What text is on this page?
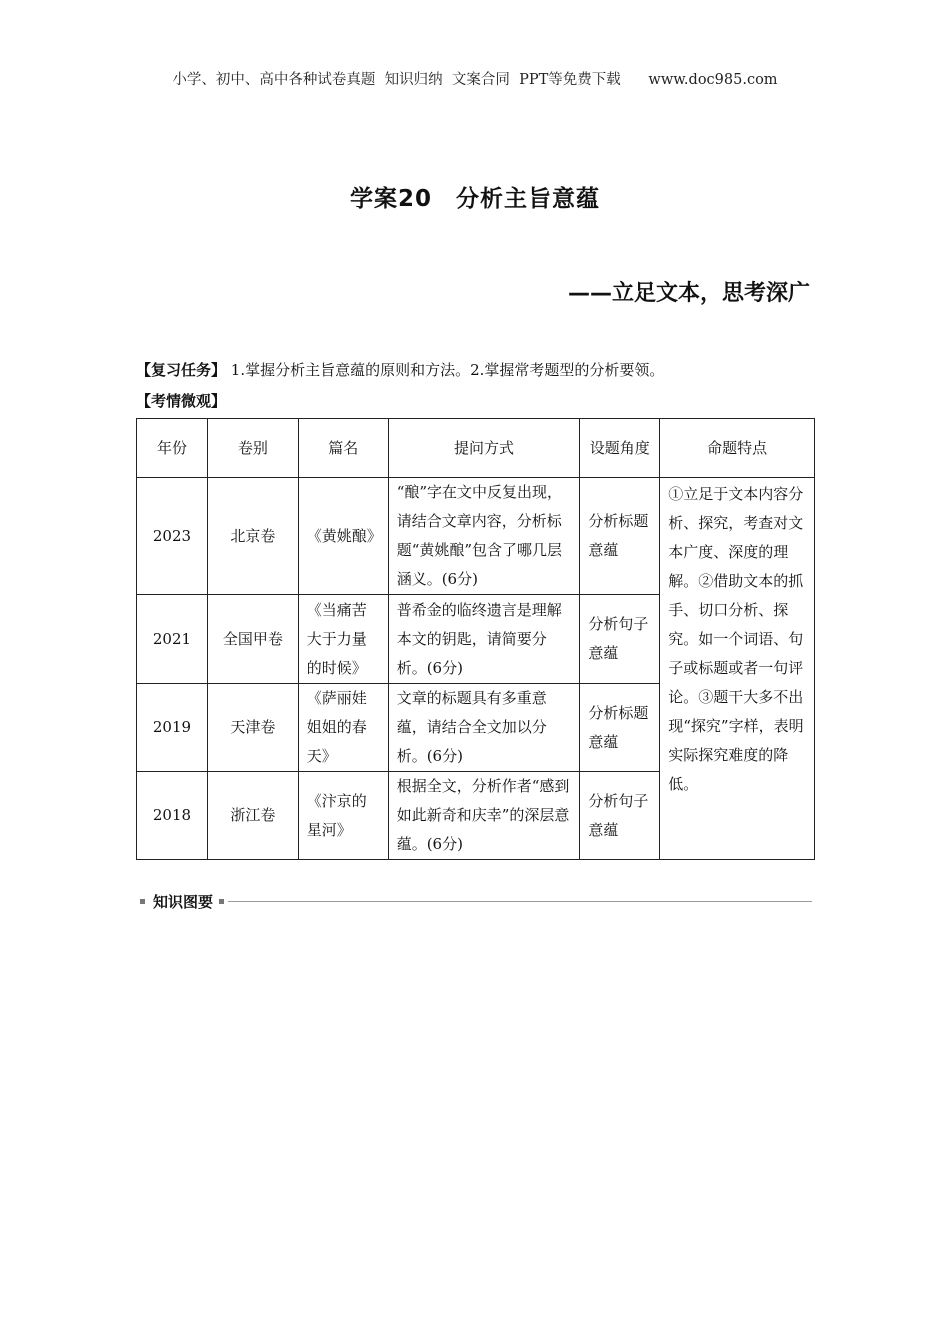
小学、初中、高中各种试卷真题  知识归纳  文案合同  PPT等免费下载      www.doc985.com
学案20　分析主旨意蕴
——立足文本，思考深广
【复习任务】 1.掌握分析主旨意蕴的原则和方法。2.掌握常考题型的分析要领。
【考情微观】
年份	卷别	篇名	提问方式	设题角度	命题特点
2023	北京卷	《黄姚酿》	“酿”字在文中反复出现，请结合文章内容，分析标题“黄姚酿”包含了哪几层涵义。(6分)	分析标题意蕴	①立足于文本内容分析、探究，考查对文本广度、深度的理解。②借助文本的抓手、切口分析、探究。如一个词语、句子或标题或者一句评论。③题干大多不出现“探究”字样，表明实际探究难度的降低。
2021	全国甲卷	《当痛苦大于力量的时候》	普希金的临终遗言是理解本文的钥匙，请简要分析。(6分)	分析句子意蕴	
2019	天津卷	《萨丽娃姐姐的春天》	文章的标题具有多重意蕴，请结合全文加以分析。(6分)	分析标题意蕴	
2018	浙江卷	《汴京的星河》	根据全文，分析作者“感到如此新奇和庆幸”的深层意蕴。(6分)	分析句子意蕴	
知识图要
